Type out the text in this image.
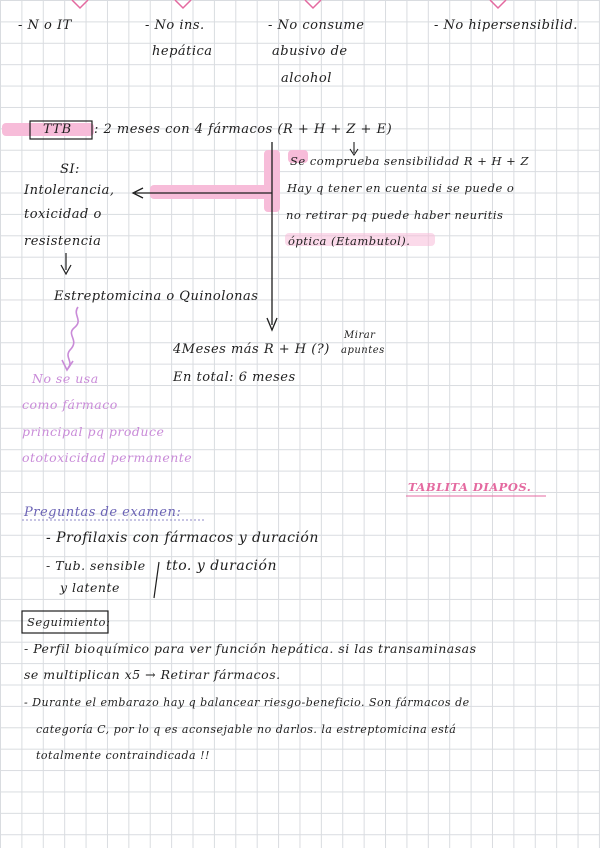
- N o IT	- No ins.
hepática
- No consume
abusivo de
alcohol
- No hipersensibilid.
TTB : 2 meses con 4 fármacos (R + H + Z + E)
SI:
Intolerancia,
toxicidad o
resistencia
Estreptomicina o Quinolonas
No se usa
como fármaco
principal pq produce
ototoxicidad permanente
Se comprueba sensibilidad R + H + Z
Hay q tener en cuenta si se puede o
no retirar pq puede haber neuritis
óptica (Etambutol).
4Meses más R + H (?)
Mirar
apuntes
En total: 6 meses
TABLITA DIAPOS.
Preguntas de examen:
- Profilaxis con fármacos y duración
- Tub. sensible
y latente
tto. y duración
Seguimiento:
- Perfil bioquímico para ver función hepática. si las transaminasas
se multiplican x5 → Retirar fármacos.
- Durante el embarazo hay q balancear riesgo-beneficio. Son fármacos de
categoría C, por lo q es aconsejable no darlos. la estreptomicina está
totalmente contraindicada !!
